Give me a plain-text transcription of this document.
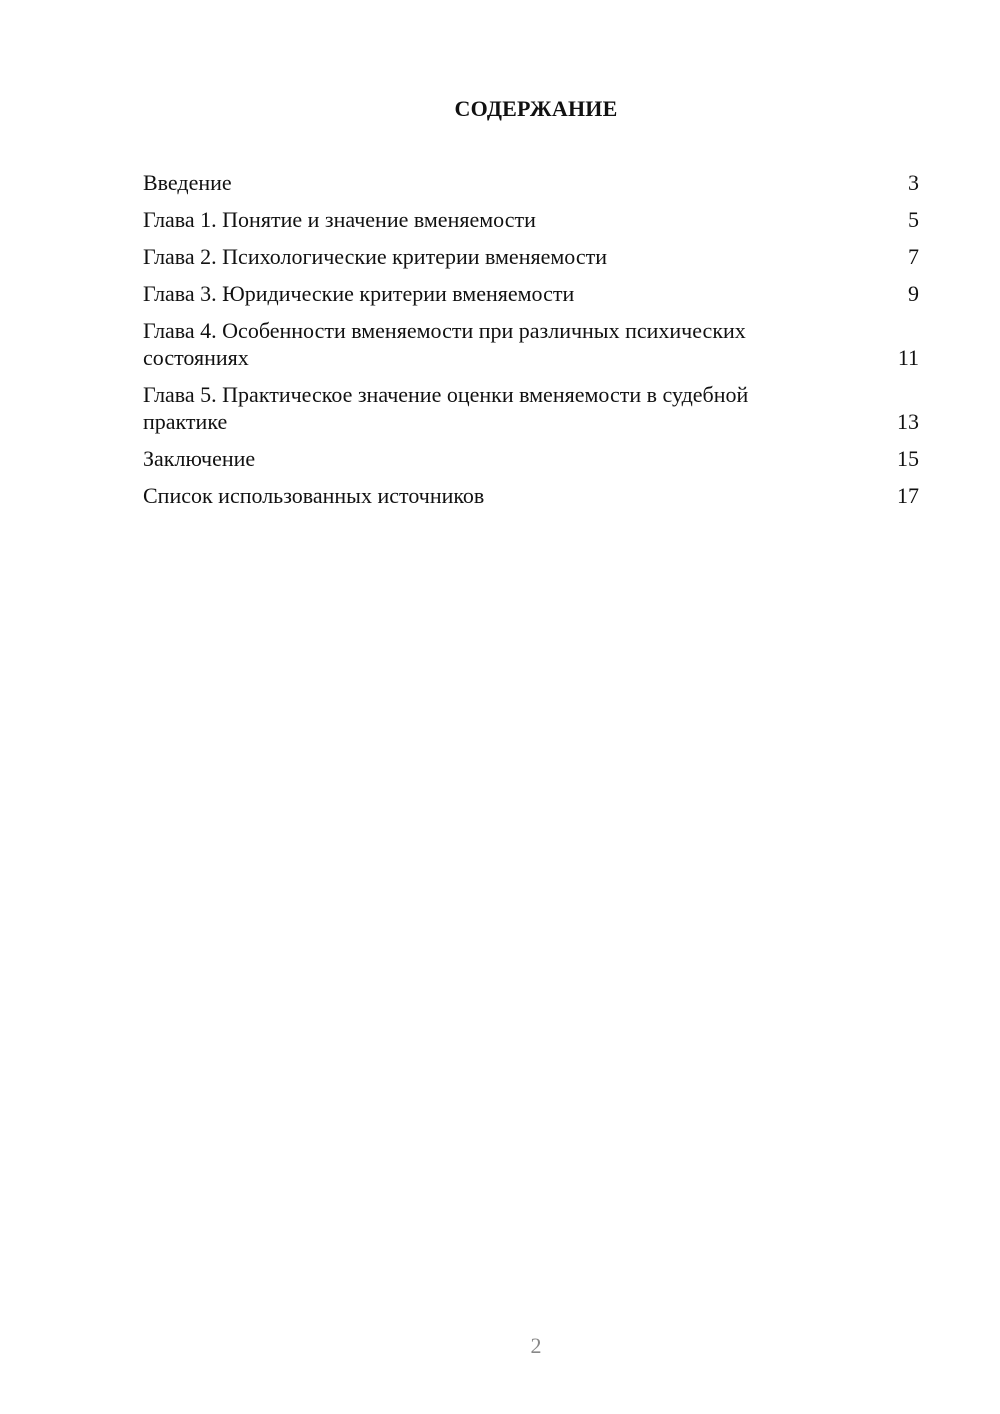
СОДЕРЖАНИЕ
Введение	3
Глава 1. Понятие и значение вменяемости	5
Глава 2. Психологические критерии вменяемости	7
Глава 3. Юридические критерии вменяемости	9
Глава 4. Особенности вменяемости при различных психических состояниях	11
Глава 5. Практическое значение оценки вменяемости в судебной практике	13
Заключение	15
Список использованных источников	17
2
